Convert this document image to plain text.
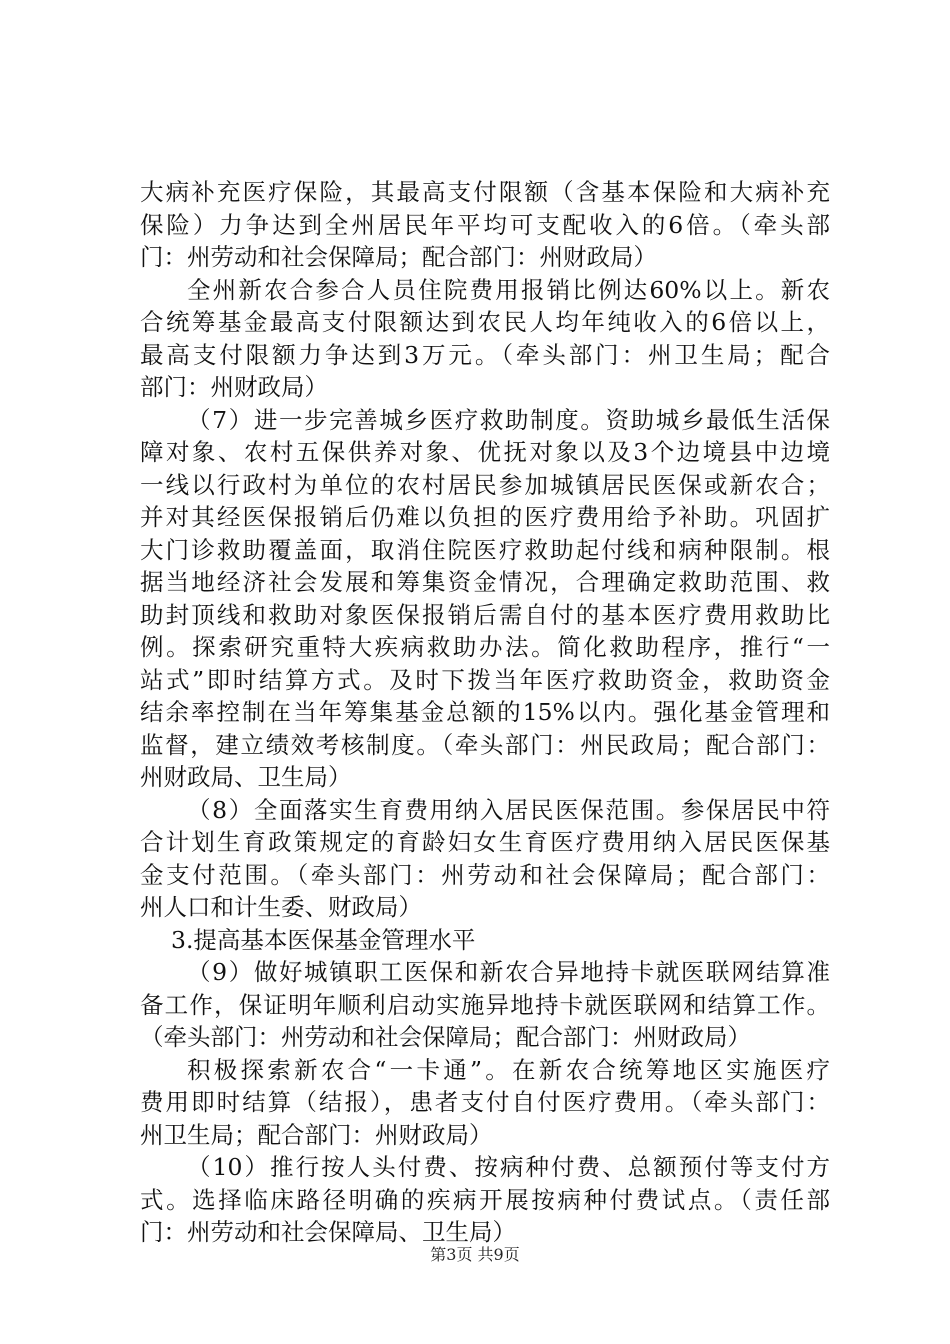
大病补充医疗保险，其最高支付限额（含基本保险和大病补充
保险）力争达到全州居民年平均可支配收入的6倍。（牵头部
门：州劳动和社会保障局；配合部门：州财政局）
全州新农合参合人员住院费用报销比例达60%以上。新农
合统筹基金最高支付限额达到农民人均年纯收入的6倍以上，
最高支付限额力争达到3万元。（牵头部门：州卫生局；配合
部门：州财政局）
（7）进一步完善城乡医疗救助制度。资助城乡最低生活保
障对象、农村五保供养对象、优抚对象以及3个边境县中边境
一线以行政村为单位的农村居民参加城镇居民医保或新农合；
并对其经医保报销后仍难以负担的医疗费用给予补助。巩固扩
大门诊救助覆盖面，取消住院医疗救助起付线和病种限制。根
据当地经济社会发展和筹集资金情况，合理确定救助范围、救
助封顶线和救助对象医保报销后需自付的基本医疗费用救助比
例。探索研究重特大疾病救助办法。简化救助程序，推行“一
站式”即时结算方式。及时下拨当年医疗救助资金，救助资金
结余率控制在当年筹集基金总额的15%以内。强化基金管理和
监督，建立绩效考核制度。（牵头部门：州民政局；配合部门：
州财政局、卫生局）
（8）全面落实生育费用纳入居民医保范围。参保居民中符
合计划生育政策规定的育龄妇女生育医疗费用纳入居民医保基
金支付范围。（牵头部门：州劳动和社会保障局；配合部门：
州人口和计生委、财政局）
3.提高基本医保基金管理水平
（9）做好城镇职工医保和新农合异地持卡就医联网结算准
备工作，保证明年顺利启动实施异地持卡就医联网和结算工作。
（牵头部门：州劳动和社会保障局；配合部门：州财政局）
积极探索新农合“一卡通”。在新农合统筹地区实施医疗
费用即时结算（结报），患者支付自付医疗费用。（牵头部门：
州卫生局；配合部门：州财政局）
（10）推行按人头付费、按病种付费、总额预付等支付方
式。选择临床路径明确的疾病开展按病种付费试点。（责任部
门：州劳动和社会保障局、卫生局）
第3页 共9页
